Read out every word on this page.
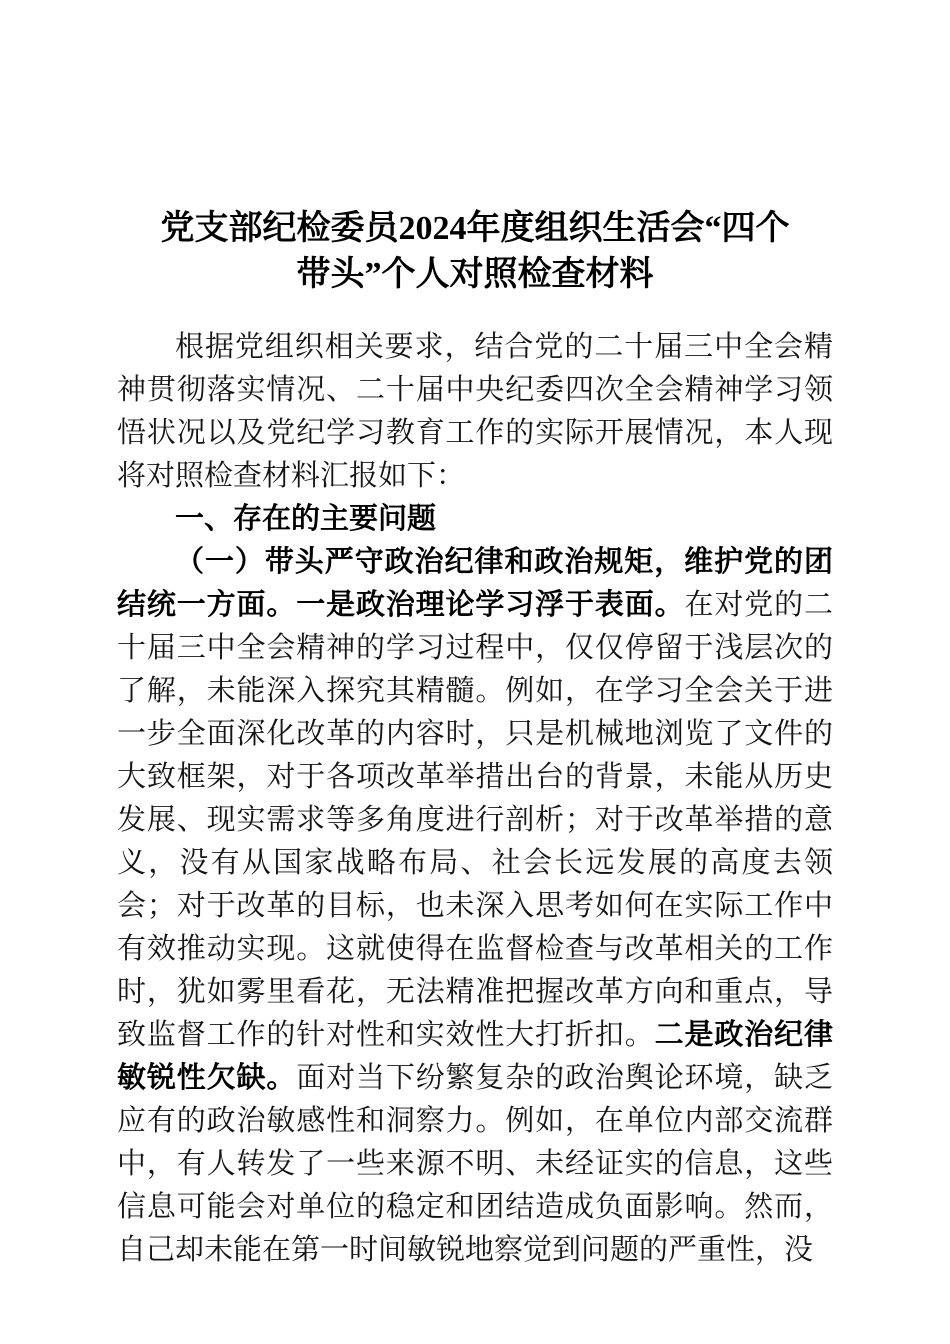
党支部纪检委员2024年度组织生活会“四个
带头”个人对照检查材料

根据党组织相关要求，结合党的二十届三中全会精神贯彻落实情况、二十届中央纪委四次全会精神学习领悟状况以及党纪学习教育工作的实际开展情况，本人现将对照检查材料汇报如下：

一、存在的主要问题

（一）带头严守政治纪律和政治规矩，维护党的团结统一方面。一是政治理论学习浮于表面。在对党的二十届三中全会精神的学习过程中，仅仅停留于浅层次的了解，未能深入探究其精髓。例如，在学习全会关于进一步全面深化改革的内容时，只是机械地浏览了文件的大致框架，对于各项改革举措出台的背景，未能从历史发展、现实需求等多角度进行剖析；对于改革举措的意义，没有从国家战略布局、社会长远发展的高度去领会；对于改革的目标，也未深入思考如何在实际工作中有效推动实现。这就使得在监督检查与改革相关的工作时，犹如雾里看花，无法精准把握改革方向和重点，导致监督工作的针对性和实效性大打折扣。二是政治纪律敏锐性欠缺。面对当下纷繁复杂的政治舆论环境，缺乏应有的政治敏感性和洞察力。例如，在单位内部交流群中，有人转发了一些来源不明、未经证实的信息，这些信息可能会对单位的稳定和团结造成负面影响。然而，自己却未能在第一时间敏锐地察觉到问题的严重性，没
